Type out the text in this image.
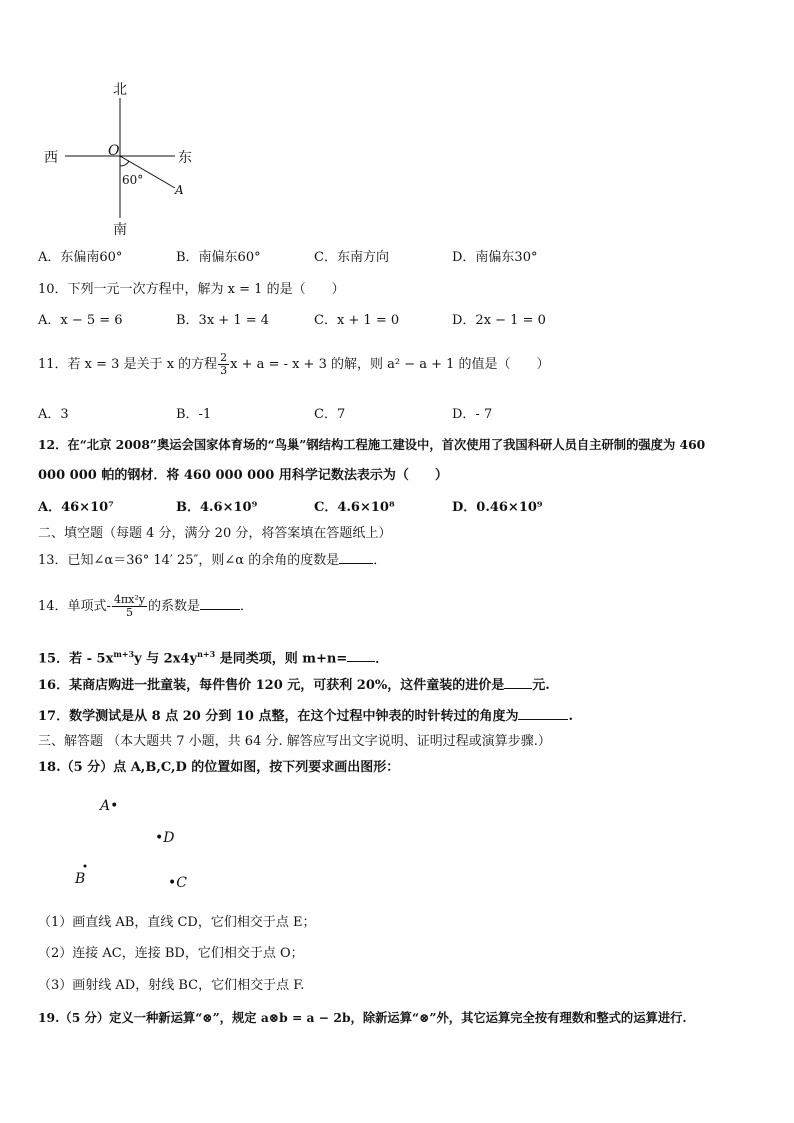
北
南
西	东
O
60°
A
A．东偏南60°	B．南偏东60°	C．东南方向	D．南偏东30°
10．下列一元一次方程中，解为 x = 1 的是（　　）
A．x − 5 = 6	B．3x + 1 = 4	C．x + 1 = 0	D．2x − 1 = 0
11．若 x = 3 是关于 x 的方程 $\frac{2}{3}$ x + a = - x + 3 的解，则 a² − a + 1 的值是（　　）
A．3	B．-1	C．7	D．- 7
12．在“北京 2008”奥运会国家体育场的“鸟巢”钢结构工程施工建设中，首次使用了我国科研人员自主研制的强度为 460
000 000 帕的钢材．将 460 000 000 用科学记数法表示为（　　）
A．46×10⁷	B．4.6×10⁹	C．4.6×10⁸	D．0.46×10⁹
二、填空题（每题 4 分，满分 20 分，将答案填在答题纸上）
13．已知∠α＝36° 14′ 25″，则∠α 的余角的度数是	．
14．单项式- $\frac{\text{4πx²y}}{5}$ 的系数是	．
15．若 - $5x^{m+3}y$ 与 $2x4y^{n+3}$ 是同类项，则 m+n= ．
16．某商店购进一批童装，每件售价 120 元，可获利 20%，这件童装的进价是 元.
17．数学测试是从 8 点 20 分到 10 点整，在这个过程中钟表的时针转过的角度为	.
三、解答题 （本大题共 7 小题，共 64 分. 解答应写出文字说明、证明过程或演算步骤.）
18.（5 分）点 A,B,C,D 的位置如图，按下列要求画出图形：
A•
•D
B	•C
（1）画直线 AB，直线 CD，它们相交于点 E；
（2）连接 AC，连接 BD，它们相交于点 O；
（3）画射线 AD，射线 BC，它们相交于点 F.
19.（5 分）定义一种新运算“⊗”，规定 a⊗b = a − 2b，除新运算“⊗”外，其它运算完全按有理数和整式的运算进行.
